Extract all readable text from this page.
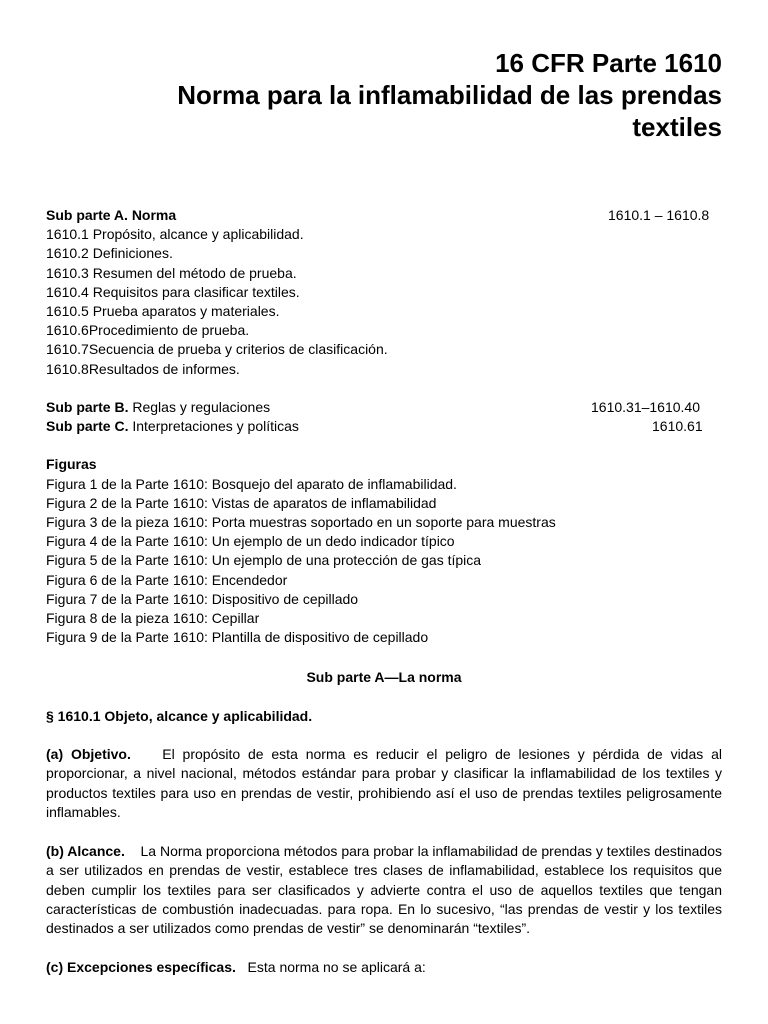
16 CFR Parte 1610
Norma para la inflamabilidad de las prendas
textiles
Sub parte A. Norma	1610.1 – 1610.8
1610.1 Propósito, alcance y aplicabilidad.
1610.2 Definiciones.
1610.3 Resumen del método de prueba.
1610.4 Requisitos para clasificar textiles.
1610.5 Prueba aparatos y materiales.
1610.6Procedimiento de prueba.
1610.7Secuencia de prueba y criterios de clasificación.
1610.8Resultados de informes.
Sub parte B. Reglas y regulaciones	1610.31–1610.40
Sub parte C. Interpretaciones y políticas	1610.61
Figuras
Figura 1 de la Parte 1610: Bosquejo del aparato de inflamabilidad.
Figura 2 de la Parte 1610: Vistas de aparatos de inflamabilidad
Figura 3 de la pieza 1610: Porta muestras soportado en un soporte para muestras
Figura 4 de la Parte 1610: Un ejemplo de un dedo indicador típico
Figura 5 de la Parte 1610: Un ejemplo de una protección de gas típica
Figura 6 de la Parte 1610: Encendedor
Figura 7 de la Parte 1610: Dispositivo de cepillado
Figura 8 de la pieza 1610: Cepillar
Figura 9 de la Parte 1610: Plantilla de dispositivo de cepillado
Sub parte A—La norma
§ 1610.1 Objeto, alcance y aplicabilidad.
(a) Objetivo. El propósito de esta norma es reducir el peligro de lesiones y pérdida de vidas al proporcionar, a nivel nacional, métodos estándar para probar y clasificar la inflamabilidad de los textiles y productos textiles para uso en prendas de vestir, prohibiendo así el uso de prendas textiles peligrosamente inflamables.
(b) Alcance. La Norma proporciona métodos para probar la inflamabilidad de prendas y textiles destinados a ser utilizados en prendas de vestir, establece tres clases de inflamabilidad, establece los requisitos que deben cumplir los textiles para ser clasificados y advierte contra el uso de aquellos textiles que tengan características de combustión inadecuadas. para ropa. En lo sucesivo, “las prendas de vestir y los textiles destinados a ser utilizados como prendas de vestir” se denominarán “textiles”.
(c) Excepciones específicas. Esta norma no se aplicará a:
